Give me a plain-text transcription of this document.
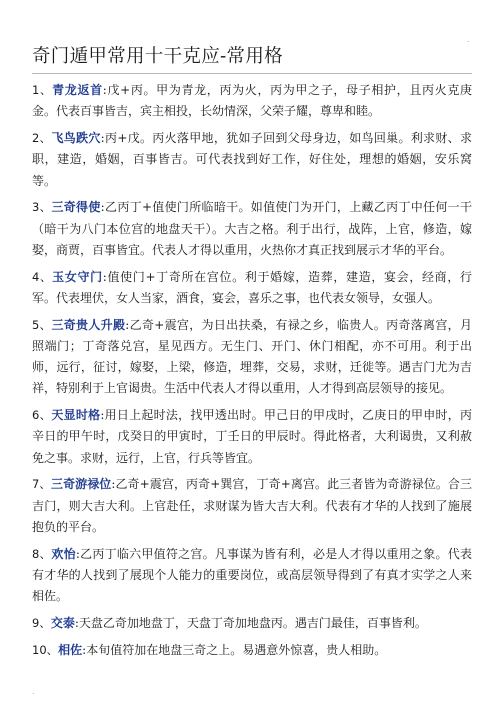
.
奇门遁甲常用十干克应-常用格

1、青龙返首:戊+丙。甲为青龙，丙为火，丙为甲之子，母子相护，且丙火克庚金。代表百事皆吉，宾主相投，长幼情深，父荣子耀，尊卑和睦。

2、飞鸟跌穴:丙+戊。丙火落甲地，犹如子回到父母身边，如鸟回巢。利求财、求职，建造，婚姻，百事皆吉。可代表找到好工作，好住处，理想的婚姻，安乐窝等。

3、三奇得使:乙丙丁+值使门所临暗干。如值使门为开门，上藏乙丙丁中任何一干（暗干为八门本位宫的地盘天干）。大吉之格。利于出行，战阵，上官，修造，嫁娶，商贾，百事皆宜。代表人才得以重用，火热你才真正找到展示才华的平台。

4、玉女守门:值使门+丁奇所在宫位。利于婚嫁，造葬，建造，宴会，经商，行军。代表埋伏，女人当家，酒食，宴会，喜乐之事，也代表女领导，女强人。

5、三奇贵人升殿:乙奇+震宫，为日出扶桑，有禄之乡，临贵人。丙奇落离宫，月照端门；丁奇落兑宫，星见西方。无生门、开门、休门相配，亦不可用。利于出师，远行，征讨，嫁娶，上梁，修造，埋葬，交易，求财，迁徙等。遇吉门尤为吉祥，特别利于上官谒贵。生活中代表人才得以重用，人才得到高层领导的接见。

6、天显时格:用日上起时法，找甲透出时。甲己日的甲戌时，乙庚日的甲申时，丙辛日的甲午时，戊癸日的甲寅时，丁壬日的甲辰时。得此格者，大利谒贵，又利赦免之事。求财，远行，上官，行兵等皆宜。

7、三奇游禄位:乙奇+震宫，丙奇+巽宫，丁奇+离宫。此三者皆为奇游禄位。合三吉门，则大吉大利。上官赴任，求财谋为皆大吉大利。代表有才华的人找到了施展抱负的平台。

8、欢怡:乙丙丁临六甲值符之宫。凡事谋为皆有利，必是人才得以重用之象。代表有才华的人找到了展现个人能力的重要岗位，或高层领导得到了有真才实学之人来相佐。

9、交泰:天盘乙奇加地盘丁，天盘丁奇加地盘丙。遇吉门最佳，百事皆利。

10、相佐:本旬值符加在地盘三奇之上。易遇意外惊喜，贵人相助。

.
